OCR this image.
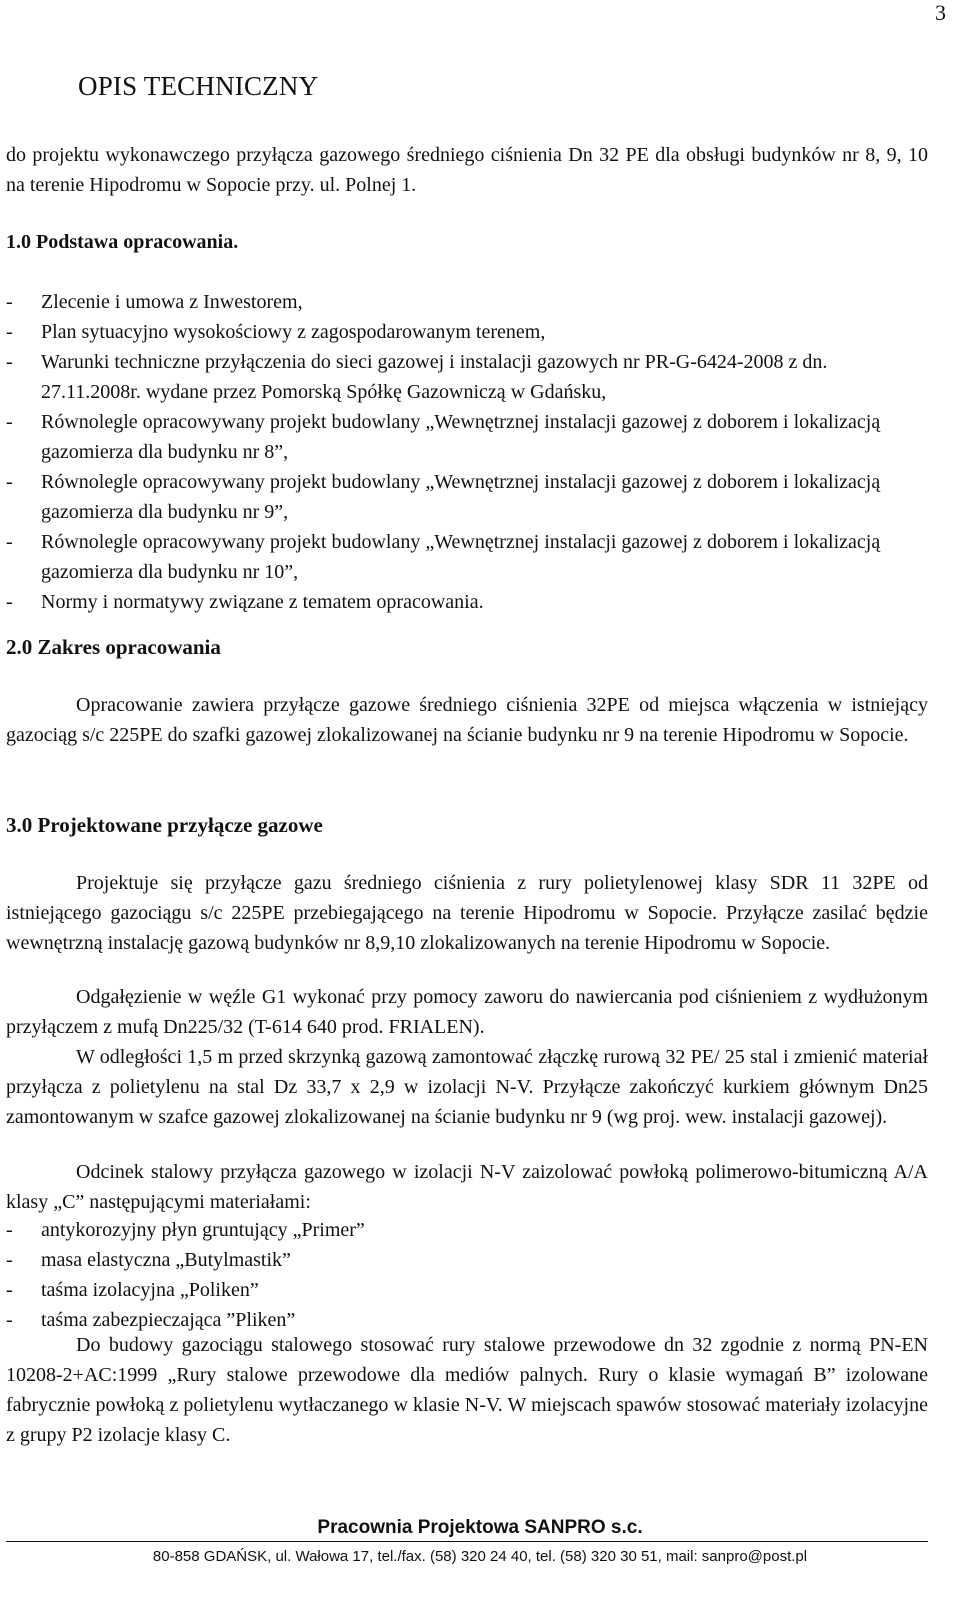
3
OPIS TECHNICZNY

do projektu wykonawczego przyłącza gazowego średniego ciśnienia Dn 32 PE dla obsługi budynków nr 8, 9, 10 na terenie Hipodromu w Sopocie przy. ul. Polnej 1.

1.0 Podstawa opracowania.
- Zlecenie i umowa z Inwestorem,
- Plan sytuacyjno wysokościowy z zagospodarowanym terenem,
- Warunki techniczne przyłączenia do sieci gazowej i instalacji gazowych nr PR-G-6424-2008 z dn. 27.11.2008r. wydane przez Pomorską Spółkę Gazowniczą w Gdańsku,
- Równolegle opracowywany projekt budowlany „Wewnętrznej instalacji gazowej z doborem i lokalizacją gazomierza dla budynku nr 8”,
- Równolegle opracowywany projekt budowlany „Wewnętrznej instalacji gazowej z doborem i lokalizacją gazomierza dla budynku nr 9”,
- Równolegle opracowywany projekt budowlany „Wewnętrznej instalacji gazowej z doborem i lokalizacją gazomierza dla budynku nr 10”,
- Normy i normatywy związane z tematem opracowania.
2.0 Zakres opracowania

Opracowanie zawiera przyłącze gazowe średniego ciśnienia 32PE od miejsca włączenia w istniejący gazociąg s/c 225PE do szafki gazowej zlokalizowanej na ścianie budynku nr 9 na terenie Hipodromu w Sopocie.

3.0 Projektowane przyłącze gazowe

Projektuje się przyłącze gazu średniego ciśnienia z rury polietylenowej klasy SDR 11 32PE od istniejącego gazociągu s/c 225PE przebiegającego na terenie Hipodromu w Sopocie. Przyłącze zasilać będzie wewnętrzną instalację gazową budynków nr 8,9,10 zlokalizowanych na terenie Hipodromu w Sopocie.

Odgałęzienie w węźle G1 wykonać przy pomocy zaworu do nawiercania pod ciśnieniem z wydłużonym przyłączem z mufą Dn225/32 (T-614 640 prod. FRIALEN).

W odległości 1,5 m przed skrzynką gazową zamontować złączkę rurową 32 PE/ 25 stal i zmienić materiał przyłącza z polietylenu na stal Dz 33,7 x 2,9 w izolacji N-V. Przyłącze zakończyć kurkiem głównym Dn25 zamontowanym w szafce gazowej zlokalizowanej na ścianie budynku nr 9 (wg proj. wew. instalacji gazowej).

Odcinek stalowy przyłącza gazowego w izolacji N-V zaizolować powłoką polimerowo-bitumiczną A/A klasy „C” następującymi materiałami:

- antykorozyjny płyn gruntujący „Primer”
- masa elastyczna „Butylmastik”
- taśma izolacyjna „Poliken”
- taśma zabezpieczająca ”Pliken”

Do budowy gazociągu stalowego stosować rury stalowe przewodowe dn 32 zgodnie z normą PN-EN 10208-2+AC:1999 „Rury stalowe przewodowe dla mediów palnych. Rury o klasie wymagań B” izolowane fabrycznie powłoką z polietylenu wytłaczanego w klasie N-V. W miejscach spawów stosować materiały izolacyjne z grupy P2 izolacje klasy C.

Pracownia Projektowa SANPRO s.c.
80-858 GDAŃSK, ul. Wałowa 17, tel./fax. (58) 320 24 40, tel. (58) 320 30 51, mail: sanpro@post.pl
